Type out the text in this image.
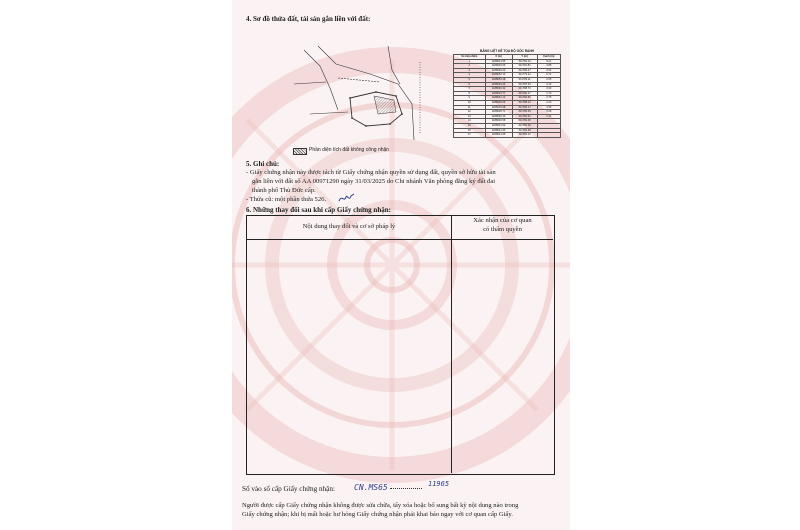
4. Sơ đồ thửa đất, tài sản gắn liền với đất:
BẢNG LIỆT KÊ TỌA ĐỘ GÓC RANH
Số hiệu điểm	X (m)	Y (m)	Cạnh (m)
1	1188041.55	611782.12	5.21
2	1188045.66	611781.81	4.88
3	1188049.20	611780.27	3.52
4	1188052.13	611779.21	6.71
5	1188051.18	611786.11	2.05
6	1188049.46	611787.33	4.13
7	1188046.32	611788.70	3.33
8	1188043.77	611790.27	1.70
9	1188042.12	611790.65	3.75
10	1188040.09	611788.13	2.20
11	1188039.28	611786.17	4.35
12	1188038.71	611783.29	3.08
13	1188040.13	611782.91	1.41
14	1188040.58	611782.48	
15	1188041.02	611782.26	
16	1188041.30	611782.18	
17	1188041.55	611782.12	
Phần diện tích đất không công nhận
5. Ghi chú:
- Giấy chứng nhận này được tách từ Giấy chứng nhận quyền sử dụng đất, quyền sở hữu tài sản
gắn liền với đất số AA 00971290 ngày 31/03/2025 do Chi nhánh Văn phòng đăng ký đất đai
thành phố Thủ Đức cấp.
- Thửa cũ: một phần thửa 526.
6. Những thay đổi sau khi cấp Giấy chứng nhận:
Nội dung thay đổi và cơ sở pháp lý
Xác nhận của cơ quan
có thẩm quyền
Số vào sổ cấp Giấy chứng nhận: CN.MS65	11965
Người được cấp Giấy chứng nhận không được sửa chữa, tẩy xóa hoặc bổ sung bất kỳ nội dung nào trong
Giấy chứng nhận; khi bị mất hoặc hư hỏng Giấy chứng nhận phải khai báo ngay với cơ quan cấp Giấy.
